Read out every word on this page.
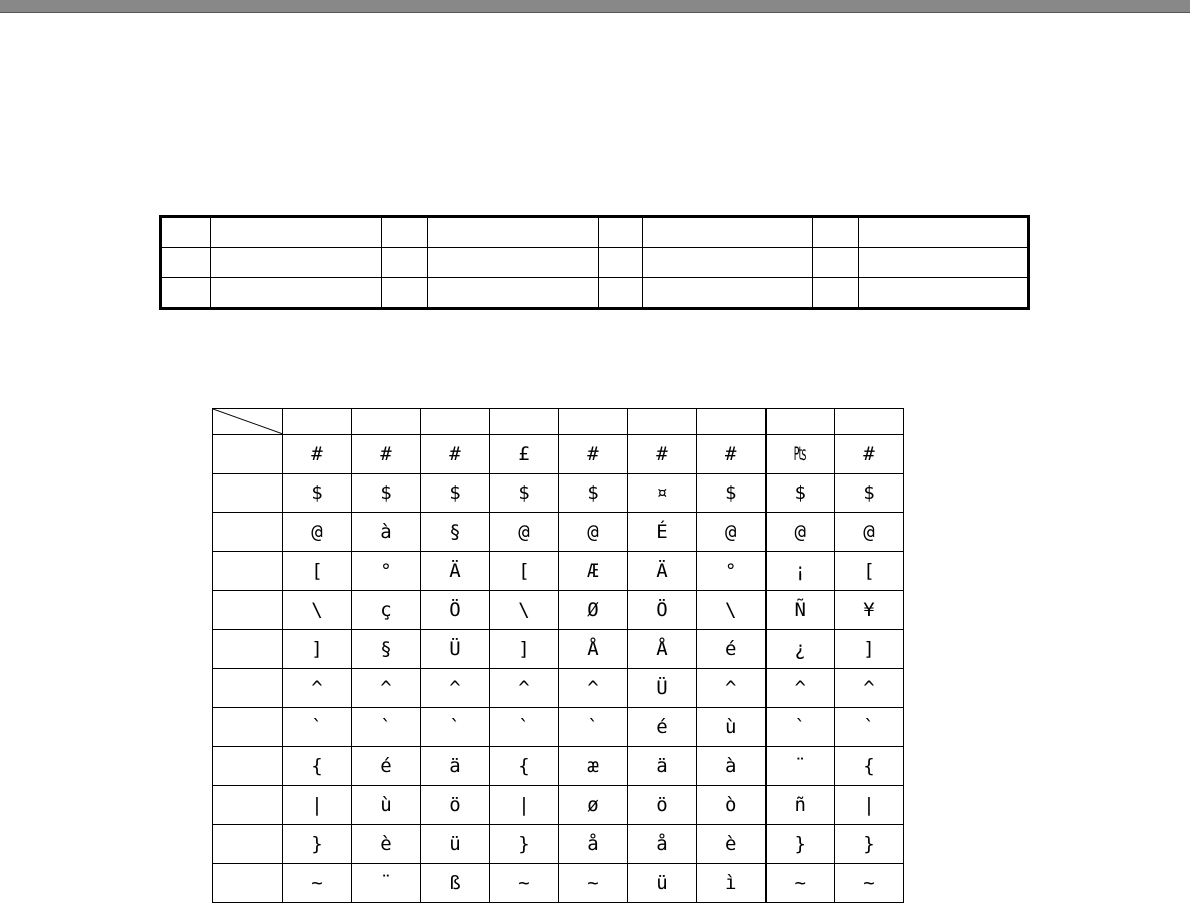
	#	#	#	£	#	#	#	₧	#
	$	$	$	$	$	¤	$	$	$
	@	à	§	@	@	É	@	@	@
	[	°	Ä	[	Æ	Ä	°	¡	[
	\	ç	Ö	\	Ø	Ö	\	Ñ	¥
	]	§	Ü	]	Å	Å	é	¿	]
	^	^	^	^	^	Ü	^	^	^
	`	`	`	`	`	é	ù	`	`
	{	é	ä	{	æ	ä	à	¨	{
	|	ù	ö	|	ø	ö	ò	ñ	|
	}	è	ü	}	å	å	è	}	}
	~	¨	ß	~	~	ü	ì	~	~
